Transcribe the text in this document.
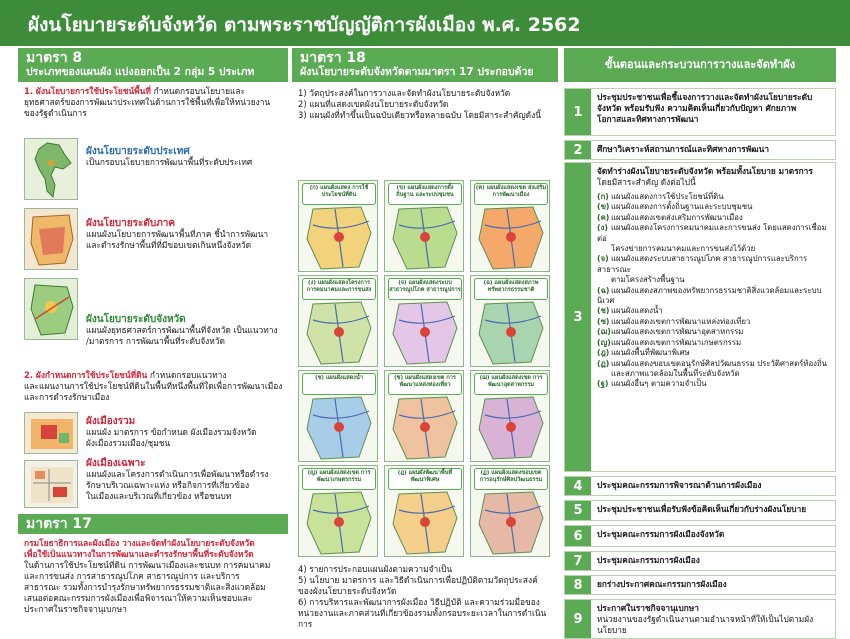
ผังนโยบายระดับจังหวัด ตามพระราชบัญญัติการผังเมือง พ.ศ. 2562
มาตรา 8
ประเภทของแผนผัง แบ่งออกเป็น 2 กลุ่ม 5 ประเภท
1. ผังนโยบายการใช้ประโยชน์พื้นที่ กำหนดกรอบนโยบายและ
ยุทธศาสตร์ของการพัฒนาประเทศในด้านการใช้พื้นที่เพื่อให้หน่วยงาน
ของรัฐดำเนินการ
ผังนโยบายระดับประเทศ
เป็นกรอบนโยบายการพัฒนาพื้นที่ระดับประเทศ
ผังนโยบายระดับภาค
แผนผังนโยบายการพัฒนาพื้นที่ภาค ชี้นำการพัฒนา
และดำรงรักษาพื้นที่ที่มีขอบเขตเกินหนึ่งจังหวัด
ผังนโยบายระดับจังหวัด
แผนผังยุทธศาสตร์การพัฒนาพื้นที่จังหวัด เป็นแนวทาง
/มาตรการ การพัฒนาพื้นที่ระดับจังหวัด
2. ผังกำหนดการใช้ประโยชน์ที่ดิน กำหนดกรอบแนวทาง
และแผนงานการใช้ประโยชน์ที่ดินในพื้นที่หนึ่งพื้นที่ใดเพื่อการพัฒนาเมือง
และการดำรงรักษาเมือง
ผังเมืองรวม
แผนผัง มาตรการ ข้อกำหนด ผังเมืองรวมจังหวัด
ผังเมืองรวมเมือง/ชุมชน
ผังเมืองเฉพาะ
แผนผังและโครงการดำเนินการเพื่อพัฒนาหรือดำรง
รักษาบริเวณเฉพาะแห่ง หรือกิจการที่เกี่ยวข้อง
ในเมืองและบริเวณที่เกี่ยวข้อง หรือชนบท
มาตรา 17
กรมโยธาธิการและผังเมือง วางและจัดทำผังนโยบายระดับจังหวัด
เพื่อใช้เป็นแนวทางในการพัฒนาและดำรงรักษาพื้นที่ระดับจังหวัด
ในด้านการใช้ประโยชน์ที่ดิน การพัฒนาเมืองและชนบท การคมนาคม
และการขนส่ง การสาธารณูปโภค สาธารณูปการ และบริการ
สาธารณะ รวมทั้งการบำรุงรักษาทรัพยากรธรรมชาติและสิ่งแวดล้อม
เสนอต่อคณะกรรมการผังเมืองเพื่อพิจารณาให้ความเห็นชอบและ
ประกาศในราชกิจจานุเบกษา
มาตรา 18
ผังนโยบายระดับจังหวัดตามมาตรา 17 ประกอบด้วย
1) วัตถุประสงค์ในการวางและจัดทำผังนโยบายระดับจังหวัด
2) แผนที่แสดงเขตผังนโยบายระดับจังหวัด
3) แผนผังที่ทำขึ้นเป็นฉบับเดียวหรือหลายฉบับ โดยมีสาระสำคัญดังนี้
(ก) แผนผังแสดง การใช้ประโยชน์ที่ดิน
(ข) แผนผังแสดงการตั้งถิ่นฐาน และระบบชุมชน
(ค) แผนผังแสดงเขต ส่งเสริมการพัฒนาเมือง
(ง) แผนผังแสดงโครงการ การคมนาคมและการขนส่ง
(จ) แผนผังแสดงระบบ สาธารณูปโภค สาธารณูปการ
(ฉ) แผนผังแสดงสภาพ ทรัพยากรธรรมชาติ
(ช) แผนผังแสดงน้ำ	(ซ) แผนผังแสดงเขต การพัฒนาแหล่งท่องเที่ยว
(ฌ) แผนผังแสดงเขต การพัฒนาอุตสาหกรรม
(ญ) แผนผังแสดงเขต การพัฒนาเกษตรกรรม
(ฎ) แผนผังพัฒนาพื้นที่ พัฒนาพิเศษ
(ฏ) แผนผังแสดงขอบเขต การอนุรักษ์ศิลปวัฒนธรรม
4) รายการประกอบแผนผังตามความจำเป็น
5) นโยบาย มาตรการ และวิธีดำเนินการเพื่อปฏิบัติตามวัตถุประสงค์
ของผังนโยบายระดับจังหวัด
6) การบริหารและพัฒนาการผังเมือง วิธีปฏิบัติ และความร่วมมือของ
หน่วยงานและภาคส่วนที่เกี่ยวข้องรวมทั้งกรอบระยะเวลาในการดำเนินการ
ขั้นตอนและกระบวนการวางและจัดทำผัง
1
ประชุมประชาชนเพื่อชี้แจงการวางและจัดทำผังนโยบายระดับ
จังหวัด พร้อมรับฟัง ความคิดเห็นเกี่ยวกับปัญหา ศักยภาพ
โอกาสและทิศทางการพัฒนา
2	ศึกษาวิเคราะห์สถานการณ์และทิศทางการพัฒนา
3
จัดทำร่างผังนโยบายระดับจังหวัด พร้อมทั้งนโยบาย มาตรการ
โดยมีสาระสำคัญ ดังต่อไปนี้
(ก) แผนผังแสดงการใช้ประโยชน์ที่ดิน
(ข) แผนผังแสดงการตั้งถิ่นฐานและระบบชุมชน
(ค) แผนผังแสดงเขตส่งเสริมการพัฒนาเมือง
(ง) แผนผังแสดงโครงการคมนาคมและการขนส่ง โดยแสดงการเชื่อมต่อ
โครงข่ายการคมนาคมและการขนส่งไว้ด้วย
(จ) แผนผังแสดงระบบสาธารณูปโภค สาธารณูปการและบริการสาธารณะ
ตามโครงสร้างพื้นฐาน
(ฉ) แผนผังแสดงสภาพของทรัพยากรธรรมชาติสิ่งแวดล้อมและระบบนิเวศ
(ช) แผนผังแสดงน้ำ
(ซ) แผนผังแสดงเขตการพัฒนาแหล่งท่องเที่ยว
(ฌ)แผนผังแสดงเขตการพัฒนาอุตสาหกรรม
(ญ)แผนผังแสดงเขตการพัฒนาเกษตรกรรม
(ฎ) แผนผังพื้นที่พัฒนาพิเศษ
(ฏ) แผนผังแสดงขอบเขตอนุรักษ์ศิลปวัฒนธรรม ประวัติศาสตร์ท้องถิ่น
และสภาพแวดล้อมในพื้นที่ระดับจังหวัด
(ฐ) แผนผังอื่นๆ ตามความจำเป็น
4	ประชุมคณะกรรมการพิจารณาด้านการผังเมือง
5	ประชุมประชาชนเพื่อรับฟังข้อคิดเห็นเกี่ยวกับร่างผังนโยบาย
6	ประชุมคณะกรรมการผังเมืองจังหวัด
7	ประชุมคณะกรรมการผังเมือง
8	ยกร่างประกาศคณะกรรมการผังเมือง
9
ประกาศในราชกิจจานุเบกษา
หน่วยงานของรัฐดำเนินงานตามอำนาจหน้าที่ให้เป็นไปตามผังนโยบาย
